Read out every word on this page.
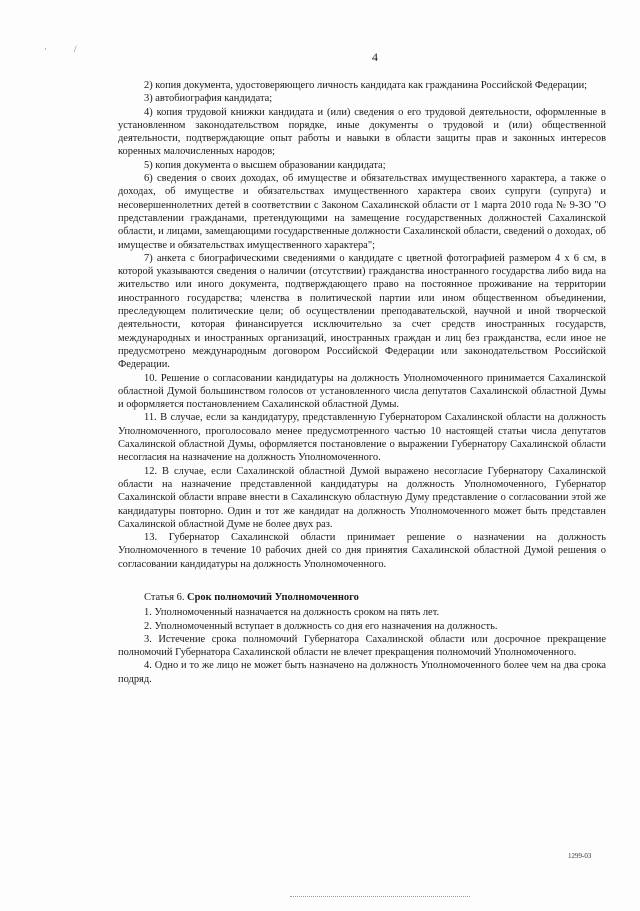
·	/
4

2) копия документа, удостоверяющего личность кандидата как гражданина Российской Федерации;

3) автобиография кандидата;

4) копия трудовой книжки кандидата и (или) сведения о его трудовой деятельности, оформленные в установленном законодательством порядке, иные документы о трудовой и (или) общественной деятельности, подтверждающие опыт работы и навыки в области защиты прав и законных интересов коренных малочисленных народов;

5) копия документа о высшем образовании кандидата;

6) сведения о своих доходах, об имуществе и обязательствах имущественного характера, а также о доходах, об имуществе и обязательствах имущественного характера своих супруги (супруга) и несовершеннолетних детей в соответствии с Законом Сахалинской области от 1 марта 2010 года № 9-ЗО "О представлении гражданами, претендующими на замещение государственных должностей Сахалинской области, и лицами, замещающими государственные должности Сахалинской области, сведений о доходах, об имуществе и обязательствах имущественного характера";

7) анкета с биографическими сведениями о кандидате с цветной фотографией размером 4 х 6 см, в которой указываются сведения о наличии (отсутствии) гражданства иностранного государства либо вида на жительство или иного документа, подтверждающего право на постоянное проживание на территории иностранного государства; членства в политической партии или ином общественном объединении, преследующем политические цели; об осуществлении преподавательской, научной и иной творческой деятельности, которая финансируется исключительно за счет средств иностранных государств, международных и иностранных организаций, иностранных граждан и лиц без гражданства, если иное не предусмотрено международным договором Российской Федерации или законодательством Российской Федерации.

10. Решение о согласовании кандидатуры на должность Уполномоченного принимается Сахалинской областной Думой большинством голосов от установленного числа депутатов Сахалинской областной Думы и оформляется постановлением Сахалинской областной Думы.

11. В случае, если за кандидатуру, представленную Губернатором Сахалинской области на должность Уполномоченного, проголосовало менее предусмотренного частью 10 настоящей статьи числа депутатов Сахалинской областной Думы, оформляется постановление о выражении Губернатору Сахалинской области несогласия на назначение на должность Уполномоченного.

12. В случае, если Сахалинской областной Думой выражено несогласие Губернатору Сахалинской области на назначение представленной кандидатуры на должность Уполномоченного, Губернатор Сахалинской области вправе внести в Сахалинскую областную Думу представление о согласовании этой же кандидатуры повторно. Один и тот же кандидат на должность Уполномоченного может быть представлен Сахалинской областной Думе не более двух раз.

13. Губернатор Сахалинской области принимает решение о назначении на должность Уполномоченного в течение 10 рабочих дней со дня принятия Сахалинской областной Думой решения о согласовании кандидатуры на должность Уполномоченного.

Статья 6. Срок полномочий Уполномоченного

1. Уполномоченный назначается на должность сроком на пять лет.

2. Уполномоченный вступает в должность со дня его назначения на должность.

3. Истечение срока полномочий Губернатора Сахалинской области или досрочное прекращение полномочий Губернатора Сахалинской области не влечет прекращения полномочий Уполномоченного.

4. Одно и то же лицо не может быть назначено на должность Уполномоченного более чем на два срока подряд.

1299-03
